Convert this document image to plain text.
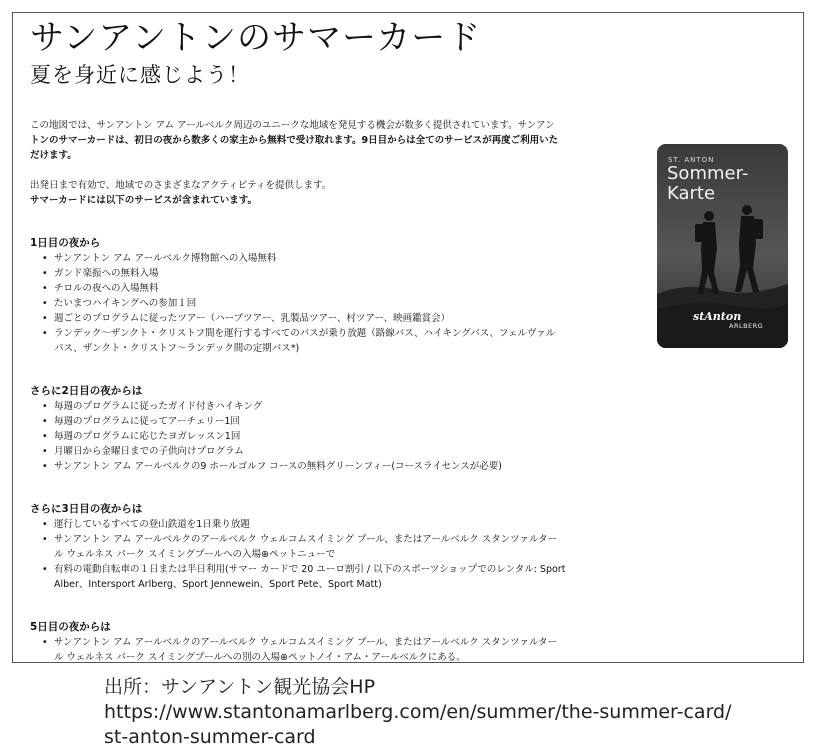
サンアントンのサマーカード
夏を身近に感じよう！

この地図では、サンアントン アム アールベルク周辺のユニークな地域を発見する機会が数多く提供されています。サンアン
トンのサマーカードは、初日の夜から数多くの家主から無料で受け取れます。9日目からは全てのサービスが再度ご利用いた
だけます。

出発日まで有効で、地域でのさまざまなアクティビティを提供します。
サマーカードには以下のサービスが含まれています。

1日目の夜から

• サンアントン アム アールベルク博物館への入場無料
• ガンド楽振への無料入場
• チロルの夜への入場無料
• たいまつハイキングへの参加１回
• 週ごとのプログラムに従ったツアー（ハーブツアー、乳製品ツアー、村ツアー、映画鑑賞会）
• ランデック～ザンクト・クリストフ間を運行するすべてのバスが乗り放題（路線バス、ハイキングバス、フェルヴァル
パス、ザンクト・クリストフ～ランデック間の定期バス*)

さらに2日目の夜からは

• 毎週のプログラムに従ったガイド付きハイキング
• 毎週のプログラムに従ってアーチェリー1回
• 毎週のプログラムに応じたヨガレッスン1回
• 月曜日から金曜日までの子供向けプログラム
• サンアントン アム アールベルクの9 ホールゴルフ コースの無料グリーンフィー(コースライセンスが必要)

さらに3日目の夜からは

• 運行しているすべての登山鉄道を1日乗り放題
• サンアントン アム アールベルクのアールベルク ウェルコムスイミング プール、またはアールベルク スタンツァルター
ル ウェルネス パーク スイミングプールへの入場⊕ペットニューで
• 有料の電動自転車の１日または半日利用(サマー カードで 20 ユーロ割引 / 以下のスポーツショップでのレンタル: Sport
Alber、Intersport Arlberg、Sport Jennewein、Sport Pete、Sport Matt)

5日目の夜からは

• サンアントン アム アールベルクのアールベルク ウェルコムスイミング プール、またはアールベルク スタンツァルター
ル ウェルネス パーク スイミングプールへの別の入場⊕ペットノイ・アム・アールベルクにある。
ST. ANTON
Sommer-
Karte
stAnton
ARLBERG
出所：サンアントン観光協会HP
https://www.stantonamarlberg.com/en/summer/the-summer-card/
st-anton-summer-card
